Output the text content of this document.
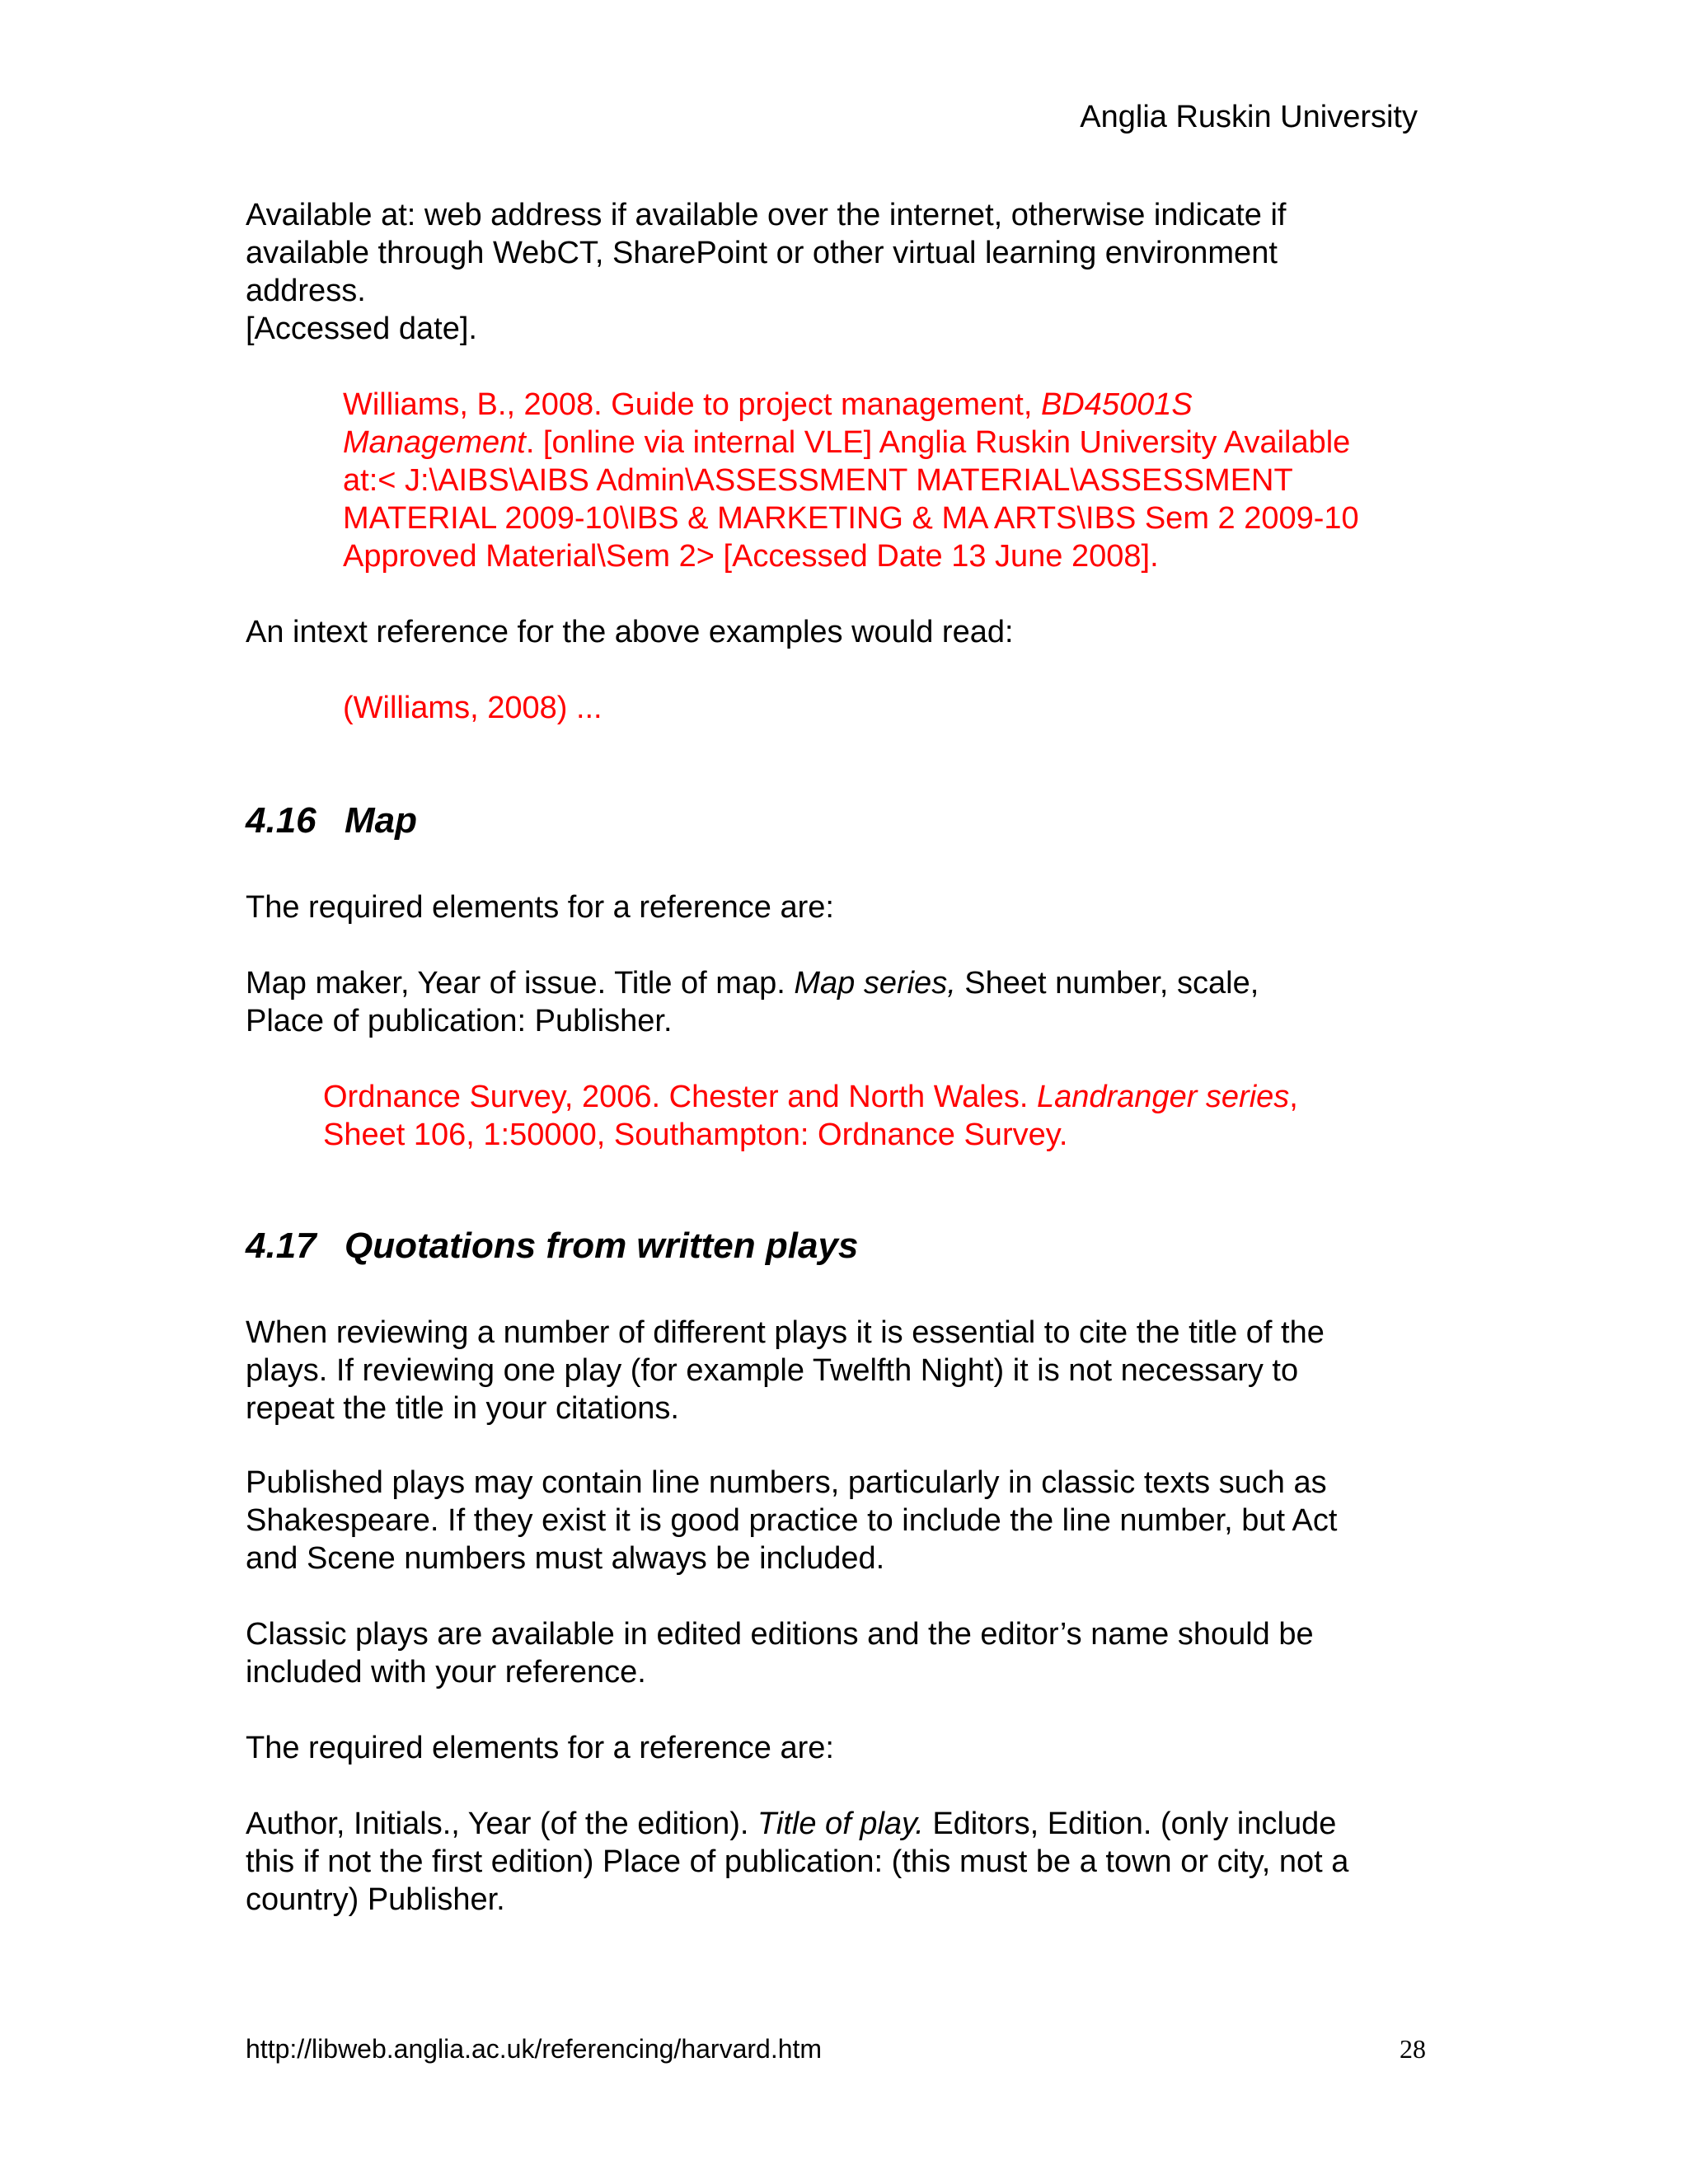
Anglia Ruskin University
Available at: web address if available over the internet, otherwise indicate if
available through WebCT, SharePoint or other virtual learning environment
address.
[Accessed date].
Williams, B., 2008. Guide to project management, BD45001S
Management. [online via internal VLE] Anglia Ruskin University Available
at:< J:\AIBS\AIBS Admin\ASSESSMENT MATERIAL\ASSESSMENT
MATERIAL 2009-10\IBS & MARKETING & MA ARTS\IBS Sem 2 2009-10
Approved Material\Sem 2> [Accessed Date 13 June 2008].
An intext reference for the above examples would read:
(Williams, 2008) ...
4.16 Map
The required elements for a reference are:
Map maker, Year of issue. Title of map. Map series, Sheet number, scale,
Place of publication: Publisher.
Ordnance Survey, 2006. Chester and North Wales. Landranger series,
Sheet 106, 1:50000, Southampton: Ordnance Survey.
4.17 Quotations from written plays
When reviewing a number of different plays it is essential to cite the title of the
plays. If reviewing one play (for example Twelfth Night) it is not necessary to
repeat the title in your citations.
Published plays may contain line numbers, particularly in classic texts such as
Shakespeare. If they exist it is good practice to include the line number, but Act
and Scene numbers must always be included.
Classic plays are available in edited editions and the editor’s name should be
included with your reference.
The required elements for a reference are:
Author, Initials., Year (of the edition). Title of play. Editors, Edition. (only include
this if not the first edition) Place of publication: (this must be a town or city, not a
country) Publisher.
http://libweb.anglia.ac.uk/referencing/harvard.htm	28
